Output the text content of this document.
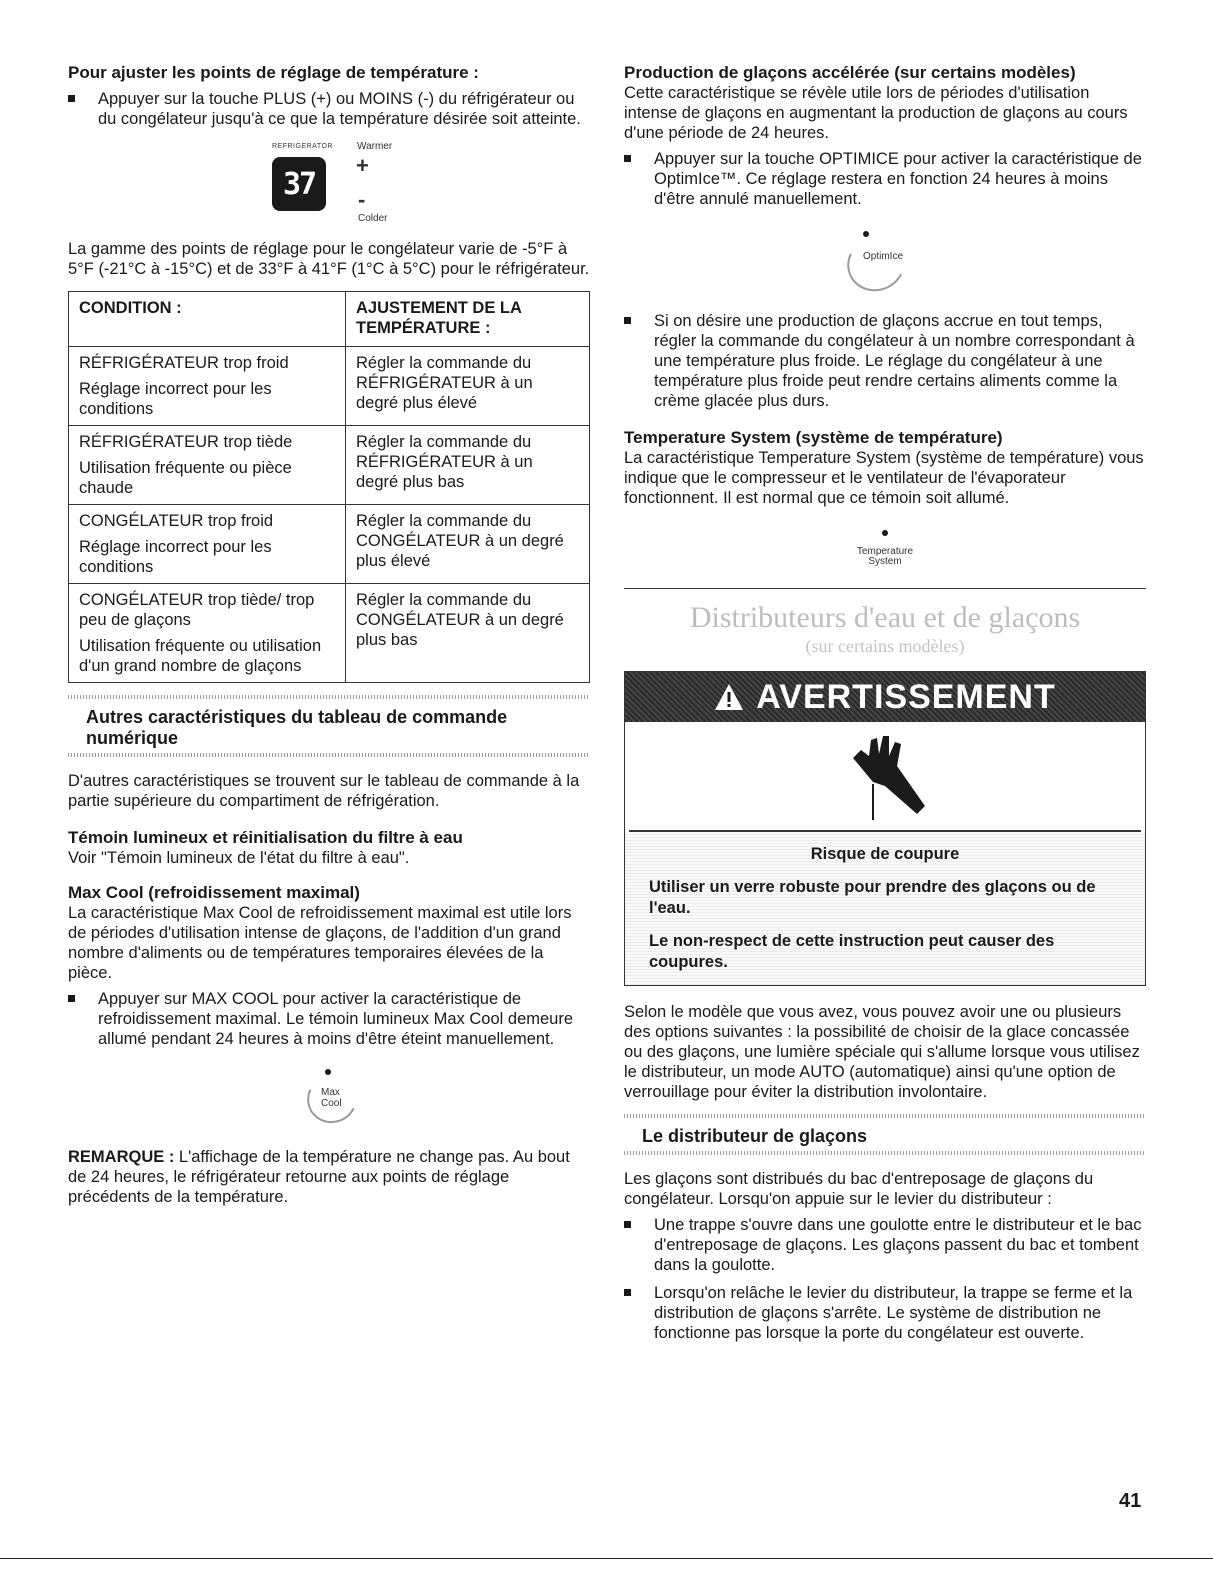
Pour ajuster les points de réglage de température :
Appuyer sur la touche PLUS (+) ou MOINS (-) du réfrigérateur ou du congélateur jusqu'à ce que la température désirée soit atteinte.
REFRIGERATOR Warmer
37
+
-
Colder

La gamme des points de réglage pour le congélateur varie de -5°F à 5°F (-21°C à -15°C) et de 33°F à 41°F (1°C à 5°C) pour le réfrigérateur.

CONDITION :	AJUSTEMENT DE LA TEMPÉRATURE :
RÉFRIGÉRATEUR trop froid
Réglage incorrect pour les conditions	Régler la commande du RÉFRIGÉRATEUR à un degré plus élevé
RÉFRIGÉRATEUR trop tiède
Utilisation fréquente ou pièce chaude	Régler la commande du RÉFRIGÉRATEUR à un degré plus bas
CONGÉLATEUR trop froid
Réglage incorrect pour les conditions	Régler la commande du CONGÉLATEUR à un degré plus élevé
CONGÉLATEUR trop tiède/ trop peu de glaçons
Utilisation fréquente ou utilisation d'un grand nombre de glaçons	Régler la commande du CONGÉLATEUR à un degré plus bas
Autres caractéristiques du tableau de commande numérique

D'autres caractéristiques se trouvent sur le tableau de commande à la partie supérieure du compartiment de réfrigération.

Témoin lumineux et réinitialisation du filtre à eau

Voir "Témoin lumineux de l'état du filtre à eau".

Max Cool (refroidissement maximal)

La caractéristique Max Cool de refroidissement maximal est utile lors de périodes d'utilisation intense de glaçons, de l'addition d'un grand nombre d'aliments ou de températures temporaires élevées de la pièce.

Appuyer sur MAX COOL pour activer la caractéristique de refroidissement maximal. Le témoin lumineux Max Cool demeure allumé pendant 24 heures à moins d'être éteint manuellement.
Max
Cool

REMARQUE : L'affichage de la température ne change pas. Au bout de 24 heures, le réfrigérateur retourne aux points de réglage précédents de la température.

Production de glaçons accélérée (sur certains modèles)

Cette caractéristique se révèle utile lors de périodes d'utilisation intense de glaçons en augmentant la production de glaçons au cours d'une période de 24 heures.

Appuyer sur la touche OPTIMICE pour activer la caractéristique de OptimIce™. Ce réglage restera en fonction 24 heures à moins d'être annulé manuellement.
OptimIce
Si on désire une production de glaçons accrue en tout temps, régler la commande du congélateur à un nombre correspondant à une température plus froide. Le réglage du congélateur à une température plus froide peut rendre certains aliments comme la crème glacée plus durs.
Temperature System (système de température)

La caractéristique Temperature System (système de température) vous indique que le compresseur et le ventilateur de l'évaporateur fonctionnent. Il est normal que ce témoin soit allumé.

Temperature
System
Distributeurs d'eau et de glaçons
(sur certains modèles)
AVERTISSEMENT

Risque de coupure

Utiliser un verre robuste pour prendre des glaçons ou de l'eau.

Le non-respect de cette instruction peut causer des coupures.

Selon le modèle que vous avez, vous pouvez avoir une ou plusieurs des options suivantes : la possibilité de choisir de la glace concassée ou des glaçons, une lumière spéciale qui s'allume lorsque vous utilisez le distributeur, un mode AUTO (automatique) ainsi qu'une option de verrouillage pour éviter la distribution involontaire.

Le distributeur de glaçons

Les glaçons sont distribués du bac d'entreposage de glaçons du congélateur. Lorsqu'on appuie sur le levier du distributeur :

Une trappe s'ouvre dans une goulotte entre le distributeur et le bac d'entreposage de glaçons. Les glaçons passent du bac et tombent dans la goulotte.
Lorsqu'on relâche le levier du distributeur, la trappe se ferme et la distribution de glaçons s'arrête. Le système de distribution ne fonctionne pas lorsque la porte du congélateur est ouverte.
41
